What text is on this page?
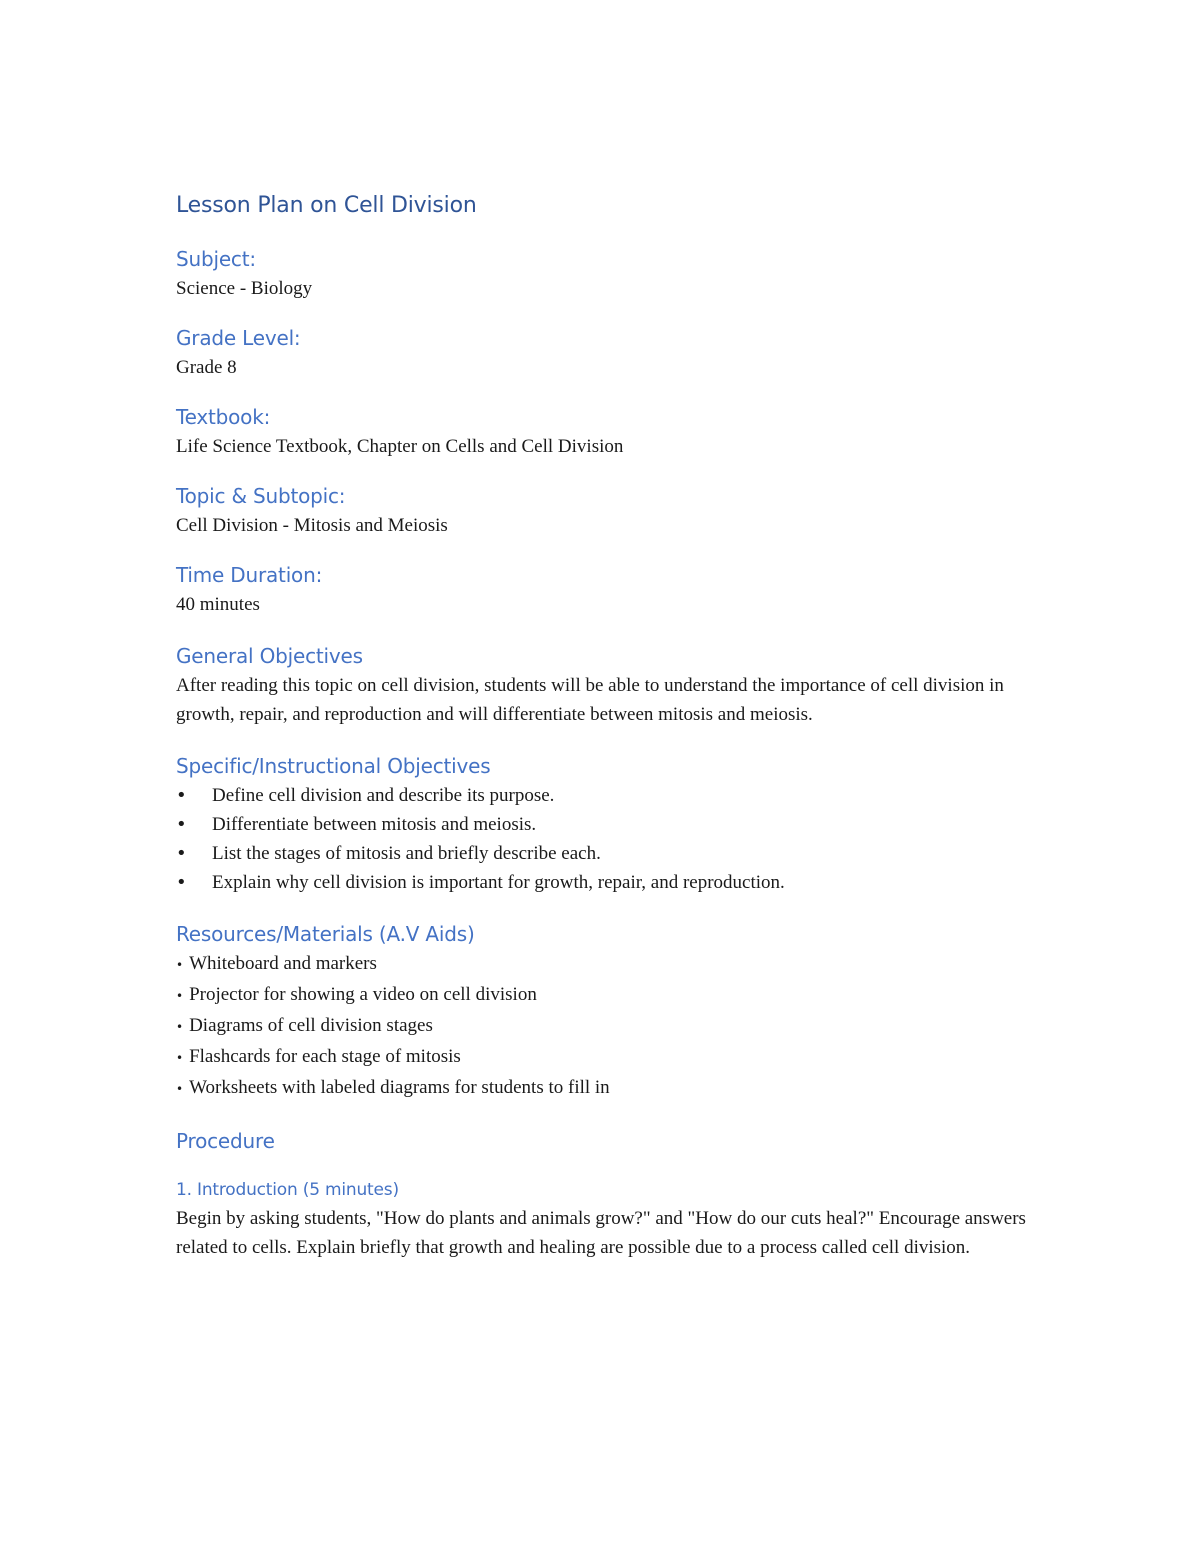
Lesson Plan on Cell Division
Subject:

Science - Biology

Grade Level:

Grade 8

Textbook:

Life Science Textbook, Chapter on Cells and Cell Division

Topic & Subtopic:

Cell Division - Mitosis and Meiosis

Time Duration:

40 minutes

General Objectives

After reading this topic on cell division, students will be able to understand the importance of cell division in growth, repair, and reproduction and will differentiate between mitosis and meiosis.

Specific/Instructional Objectives
• Define cell division and describe its purpose.
• Differentiate between mitosis and meiosis.
• List the stages of mitosis and briefly describe each.
• Explain why cell division is important for growth, repair, and reproduction.
Resources/Materials (A.V Aids)
• Whiteboard and markers
• Projector for showing a video on cell division
• Diagrams of cell division stages
• Flashcards for each stage of mitosis
• Worksheets with labeled diagrams for students to fill in
Procedure
1. Introduction (5 minutes)

Begin by asking students, "How do plants and animals grow?" and "How do our cuts heal?" Encourage answers related to cells. Explain briefly that growth and healing are possible due to a process called cell division.
